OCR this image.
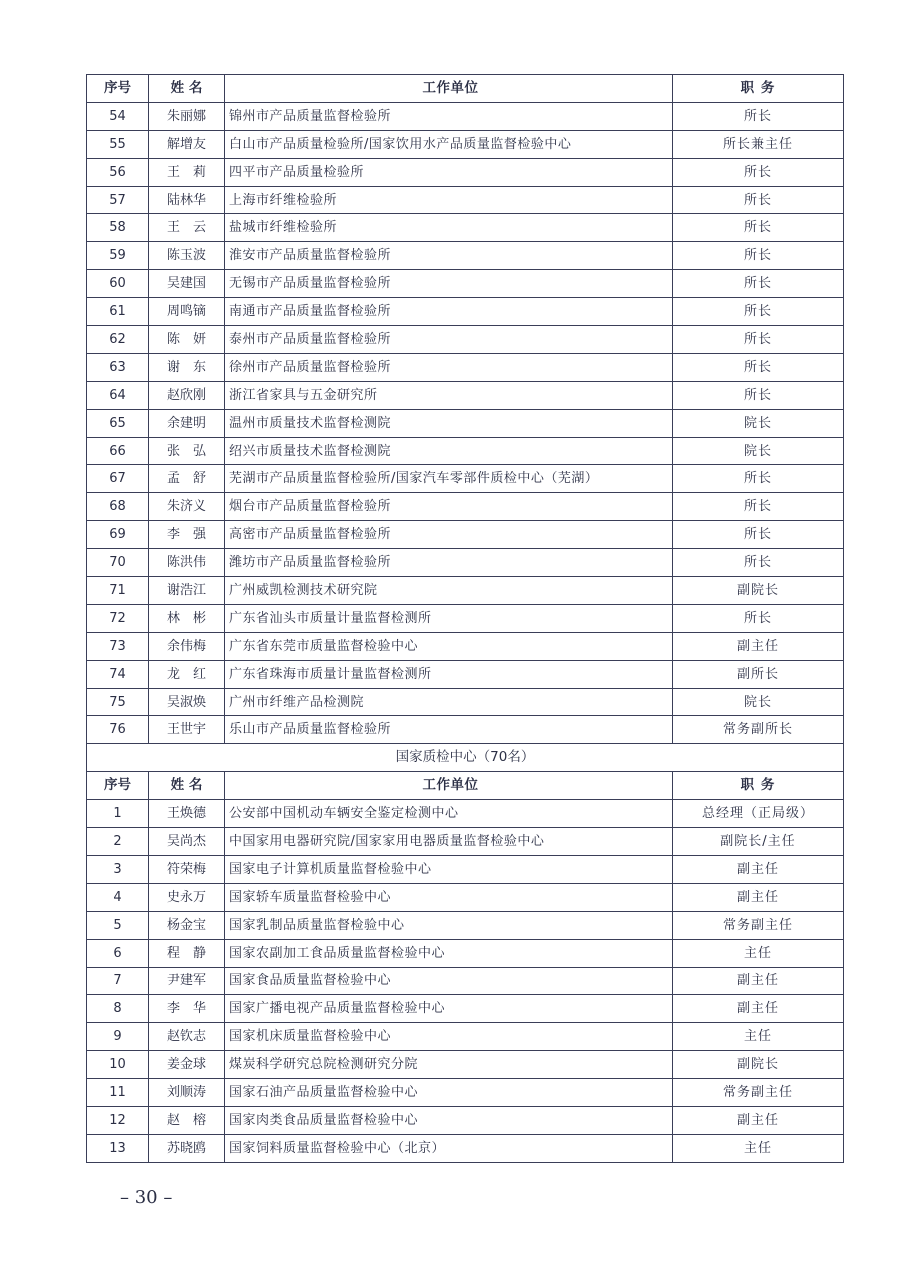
序号	姓 名	工作单位	职 务
54	朱丽娜	锦州市产品质量监督检验所	所长
55	解增友	白山市产品质量检验所/国家饮用水产品质量监督检验中心	所长兼主任
56	王　莉	四平市产品质量检验所	所长
57	陆林华	上海市纤维检验所	所长
58	王　云	盐城市纤维检验所	所长
59	陈玉波	淮安市产品质量监督检验所	所长
60	吴建国	无锡市产品质量监督检验所	所长
61	周鸣镝	南通市产品质量监督检验所	所长
62	陈　妍	泰州市产品质量监督检验所	所长
63	谢　东	徐州市产品质量监督检验所	所长
64	赵欣刚	浙江省家具与五金研究所	所长
65	余建明	温州市质量技术监督检测院	院长
66	张　弘	绍兴市质量技术监督检测院	院长
67	孟　舒	芜湖市产品质量监督检验所/国家汽车零部件质检中心（芜湖）	所长
68	朱济义	烟台市产品质量监督检验所	所长
69	李　强	高密市产品质量监督检验所	所长
70	陈洪伟	潍坊市产品质量监督检验所	所长
71	谢浩江	广州威凯检测技术研究院	副院长
72	林　彬	广东省汕头市质量计量监督检测所	所长
73	余伟梅	广东省东莞市质量监督检验中心	副主任
74	龙　红	广东省珠海市质量计量监督检测所	副所长
75	吴淑焕	广州市纤维产品检测院	院长
76	王世宇	乐山市产品质量监督检验所	常务副所长
国家质检中心（70名）			
序号	姓 名	工作单位	职 务
1	王焕德	公安部中国机动车辆安全鉴定检测中心	总经理（正局级）
2	吴尚杰	中国家用电器研究院/国家家用电器质量监督检验中心	副院长/主任
3	符荣梅	国家电子计算机质量监督检验中心	副主任
4	史永万	国家轿车质量监督检验中心	副主任
5	杨金宝	国家乳制品质量监督检验中心	常务副主任
6	程　静	国家农副加工食品质量监督检验中心	主任
7	尹建军	国家食品质量监督检验中心	副主任
8	李　华	国家广播电视产品质量监督检验中心	副主任
9	赵钦志	国家机床质量监督检验中心	主任
10	姜金球	煤炭科学研究总院检测研究分院	副院长
11	刘顺涛	国家石油产品质量监督检验中心	常务副主任
12	赵　榕	国家肉类食品质量监督检验中心	副主任
13	苏晓鸥	国家饲料质量监督检验中心（北京）	主任
– 30 –
